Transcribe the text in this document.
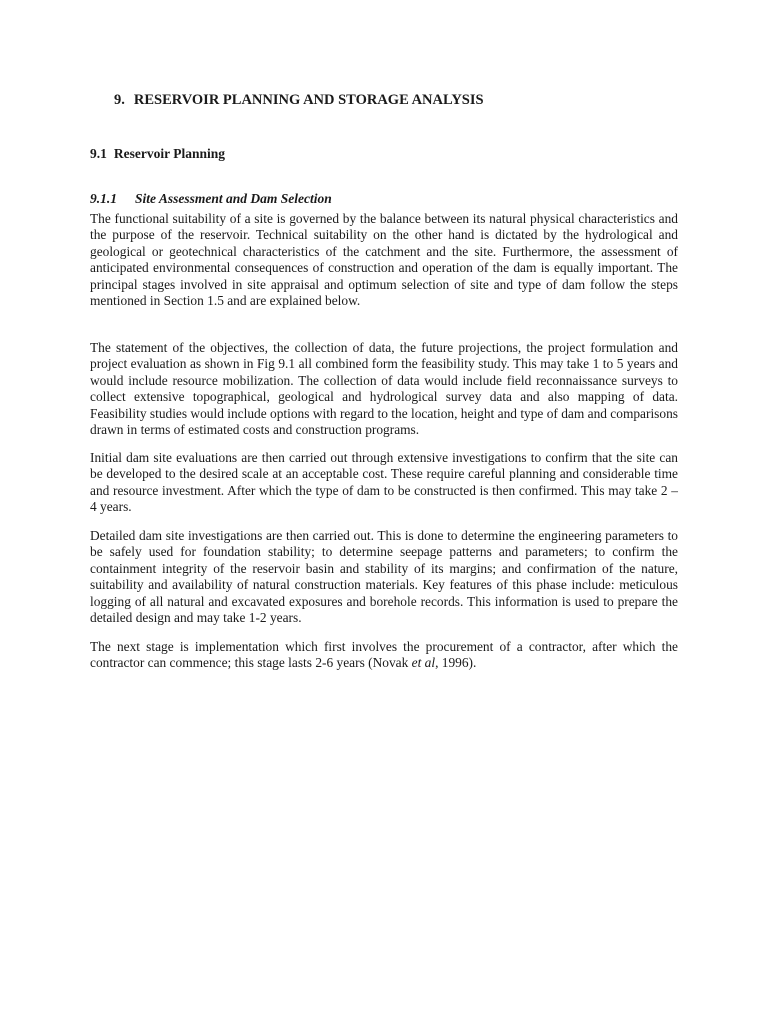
9. RESERVOIR PLANNING AND STORAGE ANALYSIS
9.1 Reservoir Planning
9.1.1 Site Assessment and Dam Selection

The functional suitability of a site is governed by the balance between its natural physical characteristics and the purpose of the reservoir. Technical suitability on the other hand is dictated by the hydrological and geological or geotechnical characteristics of the catchment and the site. Furthermore, the assessment of anticipated environmental consequences of construction and operation of the dam is equally important. The principal stages involved in site appraisal and optimum selection of site and type of dam follow the steps mentioned in Section 1.5 and are explained below.

The statement of the objectives, the collection of data, the future projections, the project formulation and project evaluation as shown in Fig 9.1 all combined form the feasibility study. This may take 1 to 5 years and would include resource mobilization. The collection of data would include field reconnaissance surveys to collect extensive topographical, geological and hydrological survey data and also mapping of data. Feasibility studies would include options with regard to the location, height and type of dam and comparisons drawn in terms of estimated costs and construction programs.

Initial dam site evaluations are then carried out through extensive investigations to confirm that the site can be developed to the desired scale at an acceptable cost. These require careful planning and considerable time and resource investment. After which the type of dam to be constructed is then confirmed. This may take 2 – 4 years.

Detailed dam site investigations are then carried out. This is done to determine the engineering parameters to be safely used for foundation stability; to determine seepage patterns and parameters; to confirm the containment integrity of the reservoir basin and stability of its margins; and confirmation of the nature, suitability and availability of natural construction materials. Key features of this phase include: meticulous logging of all natural and excavated exposures and borehole records. This information is used to prepare the detailed design and may take 1-2 years.

The next stage is implementation which first involves the procurement of a contractor, after which the contractor can commence; this stage lasts 2-6 years (Novak et al, 1996).
